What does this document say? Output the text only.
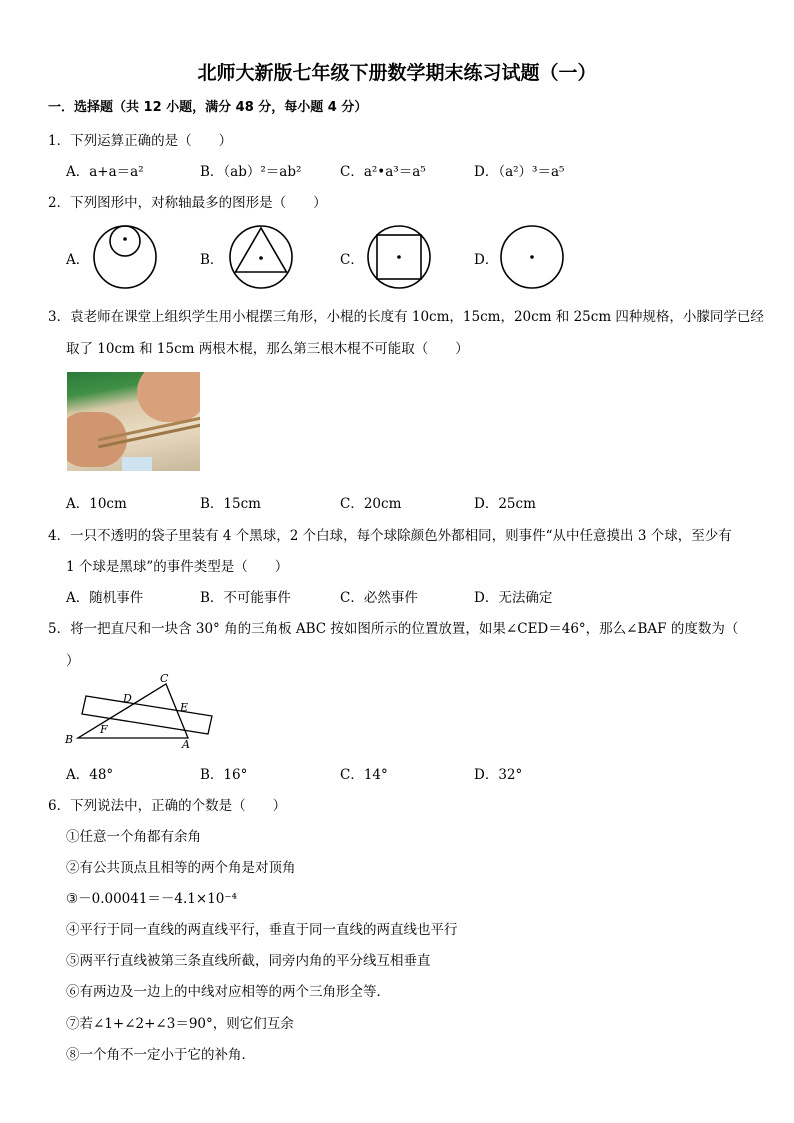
北师大新版七年级下册数学期末练习试题（一）
一．选择题（共 12 小题，满分 48 分，每小题 4 分）
1．下列运算正确的是（　　）
A．a+a＝a²	B．（ab）²＝ab²	C．a²•a³＝a⁵	D．（a²）³＝a⁵
2．下列图形中，对称轴最多的图形是（　　）
A．	B．	C．	D．
3．袁老师在课堂上组织学生用小棍摆三角形，小棍的长度有 10cm，15cm，20cm 和 25cm 四种规格，小朦同学已经
取了 10cm 和 15cm 两根木棍，那么第三根木棍不可能取（　　）
A．10cm	B．15cm	C．20cm	D．25cm
4．一只不透明的袋子里装有 4 个黑球，2 个白球，每个球除颜色外都相同，则事件“从中任意摸出 3 个球，至少有
1 个球是黑球”的事件类型是（　　）
A．随机事件	B．不可能事件	C．必然事件	D．无法确定
5．将一把直尺和一块含 30° 角的三角板 ABC 按如图所示的位置放置，如果∠CED＝46°，那么∠BAF 的度数为（
）
C
D
E
F
B	A
A．48°	B．16°	C．14°	D．32°
6．下列说法中，正确的个数是（　　）
①任意一个角都有余角
②有公共顶点且相等的两个角是对顶角
③－0.00041＝－4.1×10⁻⁴
④平行于同一直线的两直线平行，垂直于同一直线的两直线也平行
⑤两平行直线被第三条直线所截，同旁内角的平分线互相垂直
⑥有两边及一边上的中线对应相等的两个三角形全等．
⑦若∠1+∠2+∠3＝90°，则它们互余
⑧一个角不一定小于它的补角．
